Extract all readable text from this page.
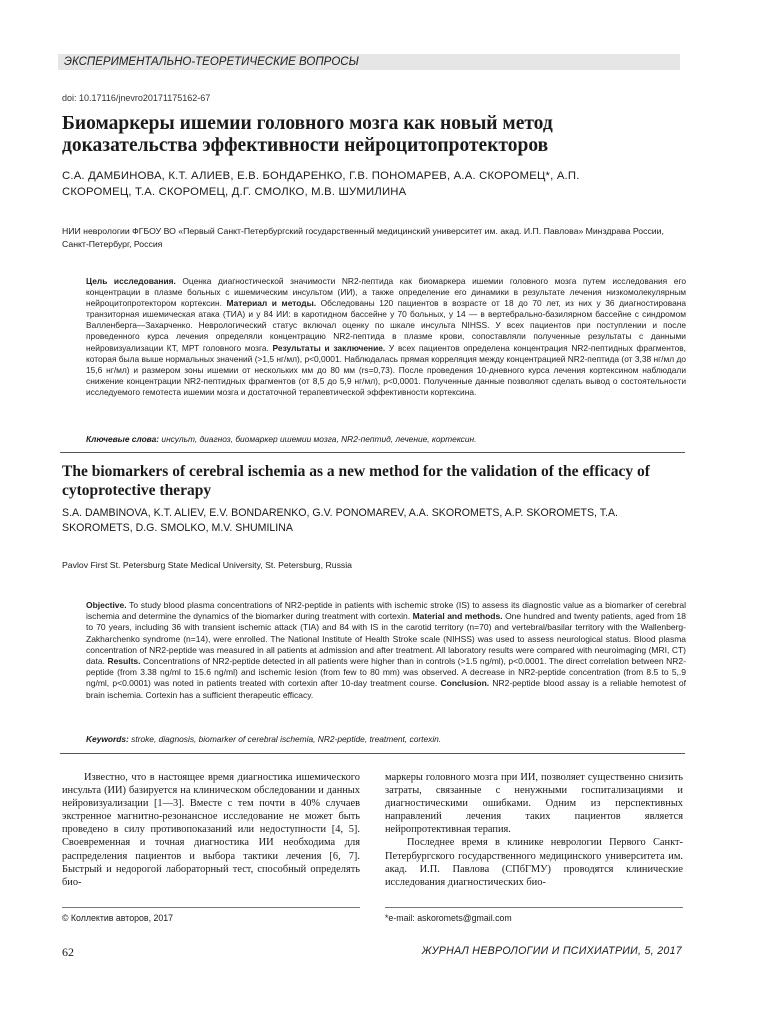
ЭКСПЕРИМЕНТАЛЬНО-ТЕОРЕТИЧЕСКИЕ ВОПРОСЫ
doi: 10.17116/jnevro20171175162-67
Биомаркеры ишемии головного мозга как новый метод доказательства эффективности нейроцитопротекторов
С.А. ДАМБИНОВА, К.Т. АЛИЕВ, Е.В. БОНДАРЕНКО, Г.В. ПОНОМАРЕВ, А.А. СКОРОМЕЦ*, А.П. СКОРОМЕЦ, Т.А. СКОРОМЕЦ, Д.Г. СМОЛКО, М.В. ШУМИЛИНА
НИИ неврологии ФГБОУ ВО «Первый Санкт-Петербургский государственный медицинский университет им. акад. И.П. Павлова» Минздрава России, Санкт-Петербург, Россия
Цель исследования. Оценка диагностической значимости NR2-пептида как биомаркера ишемии головного мозга путем исследования его концентрации в плазме больных с ишемическим инсультом (ИИ), а также определение его динамики в результате лечения низкомолекулярным нейроцитопротектором кортексин. Материал и методы. Обследованы 120 пациентов в возрасте от 18 до 70 лет, из них у 36 диагностирована транзиторная ишемическая атака (ТИА) и у 84 ИИ: в каротидном бассейне у 70 больных, у 14 — в вертебрально-базилярном бассейне с синдромом Валленберга—Захарченко. Неврологический статус включал оценку по шкале инсульта NIHSS. У всех пациентов при поступлении и после проведенного курса лечения определяли концентрацию NR2-пептида в плазме крови, сопоставляли полученные результаты с данными нейровизуализации КТ, МРТ головного мозга. Результаты и заключение. У всех пациентов определена концентрация NR2-пептидных фрагментов, которая была выше нормальных значений (>1,5 нг/мл), p<0,0001. Наблюдалась прямая корреляция между концентрацией NR2-пептида (от 3,38 нг/мл до 15,6 нг/мл) и размером зоны ишемии от нескольких мм до 80 мм (rs=0,73). После проведения 10-дневного курса лечения кортексином наблюдали снижение концентрации NR2-пептидных фрагментов (от 8,5 до 5,9 нг/мл), p<0,0001. Полученные данные позволяют сделать вывод о состоятельности исследуемого гемотеста ишемии мозга и достаточной терапевтической эффективности кортексина.
Ключевые слова: инсульт, диагноз, биомаркер ишемии мозга, NR2-пептид, лечение, кортексин.
The biomarkers of cerebral ischemia as a new method for the validation of the efficacy of cytoprotective therapy
S.A. DAMBINOVA, K.T. ALIEV, E.V. BONDARENKO, G.V. PONOMAREV, A.A. SKOROMETS, A.P. SKOROMETS, T.A. SKOROMETS, D.G. SMOLKO, M.V. SHUMILINA
Pavlov First St. Petersburg State Medical University, St. Petersburg, Russia
Objective. To study blood plasma concentrations of NR2-peptide in patients with ischemic stroke (IS) to assess its diagnostic value as a biomarker of cerebral ischemia and determine the dynamics of the biomarker during treatment with cortexin. Material and methods. One hundred and twenty patients, aged from 18 to 70 years, including 36 with transient ischemic attack (TIA) and 84 with IS in the carotid territory (n=70) and vertebral/basilar territory with the Wallenberg-Zakharchenko syndrome (n=14), were enrolled. The National Institute of Health Stroke scale (NIHSS) was used to assess neurological status. Blood plasma concentration of NR2-peptide was measured in all patients at admission and after treatment. All laboratory results were compared with neuroimaging (MRI, CT) data. Results. Concentrations of NR2-peptide detected in all patients were higher than in controls (>1.5 ng/ml), p<0.0001. The direct correlation between NR2-peptide (from 3.38 ng/ml to 15.6 ng/ml) and ischemic lesion (from few to 80 mm) was observed. A decrease in NR2-peptide concentration (from 8.5 to 5,.9 ng/ml, p<0.0001) was noted in patients treated with cortexin after 10-day treatment course. Conclusion. NR2-peptide blood assay is a reliable hemotest of brain ischemia. Cortexin has a sufficient therapeutic efficacy.
Keywords: stroke, diagnosis, biomarker of cerebral ischemia, NR2-peptide, treatment, cortexin.

Известно, что в настоящее время диагностика ишемического инсульта (ИИ) базируется на клиническом обследовании и данных нейровизуализации [1—3]. Вместе с тем почти в 40% случаев экстренное магнитно-резонансное исследование не может быть проведено в силу противопоказаний или недоступности [4, 5]. Своевременная и точная диагностика ИИ необходима для распределения пациентов и выбора тактики лечения [6, 7]. Быстрый и недорогой лабораторный тест, способный определять био-

маркеры головного мозга при ИИ, позволяет существенно снизить затраты, связанные с ненужными госпитализациями и диагностическими ошибками. Одним из перспективных направлений лечения таких пациентов является нейропротективная терапия.

Последнее время в клинике неврологии Первого Санкт-Петербургского государственного медицинского университета им. акад. И.П. Павлова (СПбГМУ) проводятся клинические исследования диагностических био-

© Коллектив авторов, 2017	*e-mail: askoromets@gmail.com
62	ЖУРНАЛ НЕВРОЛОГИИ И ПСИХИАТРИИ, 5, 2017
